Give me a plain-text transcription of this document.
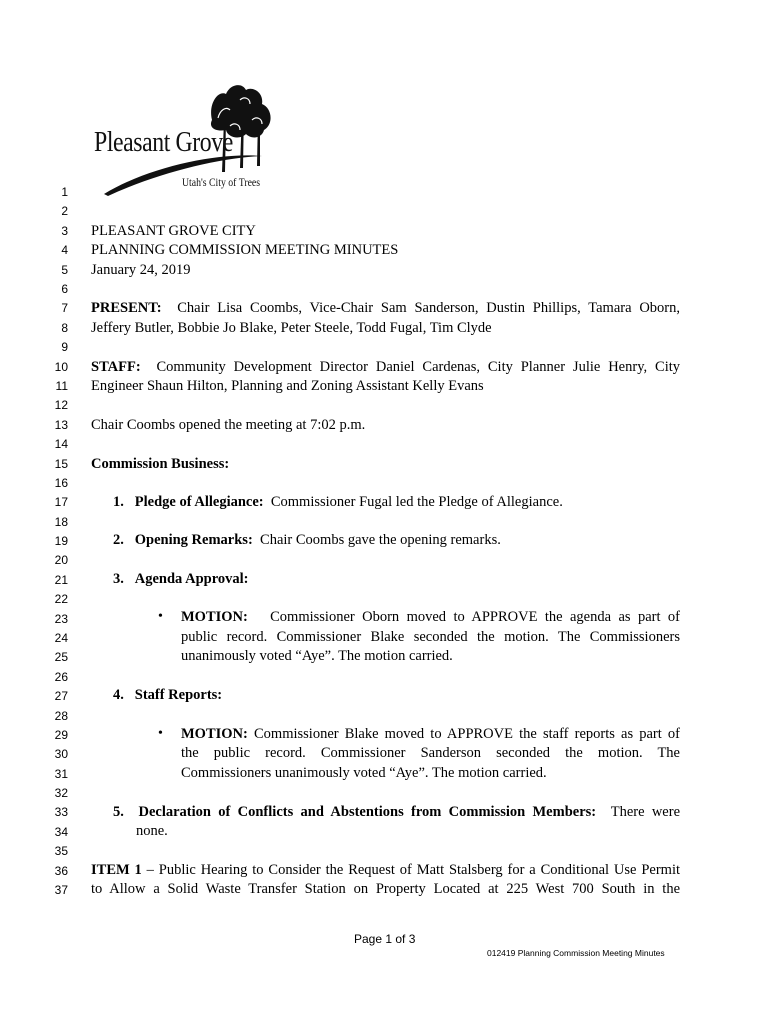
Pleasant Grove
Utah's City of Trees
1
2
3
4
5
6
7
8
9
10
11
12
13
14
15
16
17
18
19
20
21
22
23
24
25
26
27
28
29
30
31
32
33
34
35
36
37
PLEASANT GROVE CITY
PLANNING COMMISSION MEETING MINUTES
January 24, 2019
PRESENT: Chair Lisa Coombs, Vice-Chair Sam Sanderson, Dustin Phillips, Tamara Oborn,
Jeffery Butler, Bobbie Jo Blake, Peter Steele, Todd Fugal, Tim Clyde
STAFF: Community Development Director Daniel Cardenas, City Planner Julie Henry, City
Engineer Shaun Hilton, Planning and Zoning Assistant Kelly Evans
Chair Coombs opened the meeting at 7:02 p.m.
Commission Business:
1. Pledge of Allegiance: Commissioner Fugal led the Pledge of Allegiance.
2. Opening Remarks: Chair Coombs gave the opening remarks.
3. Agenda Approval:
• MOTION: Commissioner Oborn moved to APPROVE the agenda as part of
public record. Commissioner Blake seconded the motion. The Commissioners
unanimously voted “Aye”. The motion carried.
4. Staff Reports:
• MOTION: Commissioner Blake moved to APPROVE the staff reports as part of
the public record. Commissioner Sanderson seconded the motion. The
Commissioners unanimously voted “Aye”. The motion carried.
5. Declaration of Conflicts and Abstentions from Commission Members: There were
none.
ITEM 1 – Public Hearing to Consider the Request of Matt Stalsberg for a Conditional Use Permit
to Allow a Solid Waste Transfer Station on Property Located at 225 West 700 South in the
Page 1 of 3
012419 Planning Commission Meeting Minutes
